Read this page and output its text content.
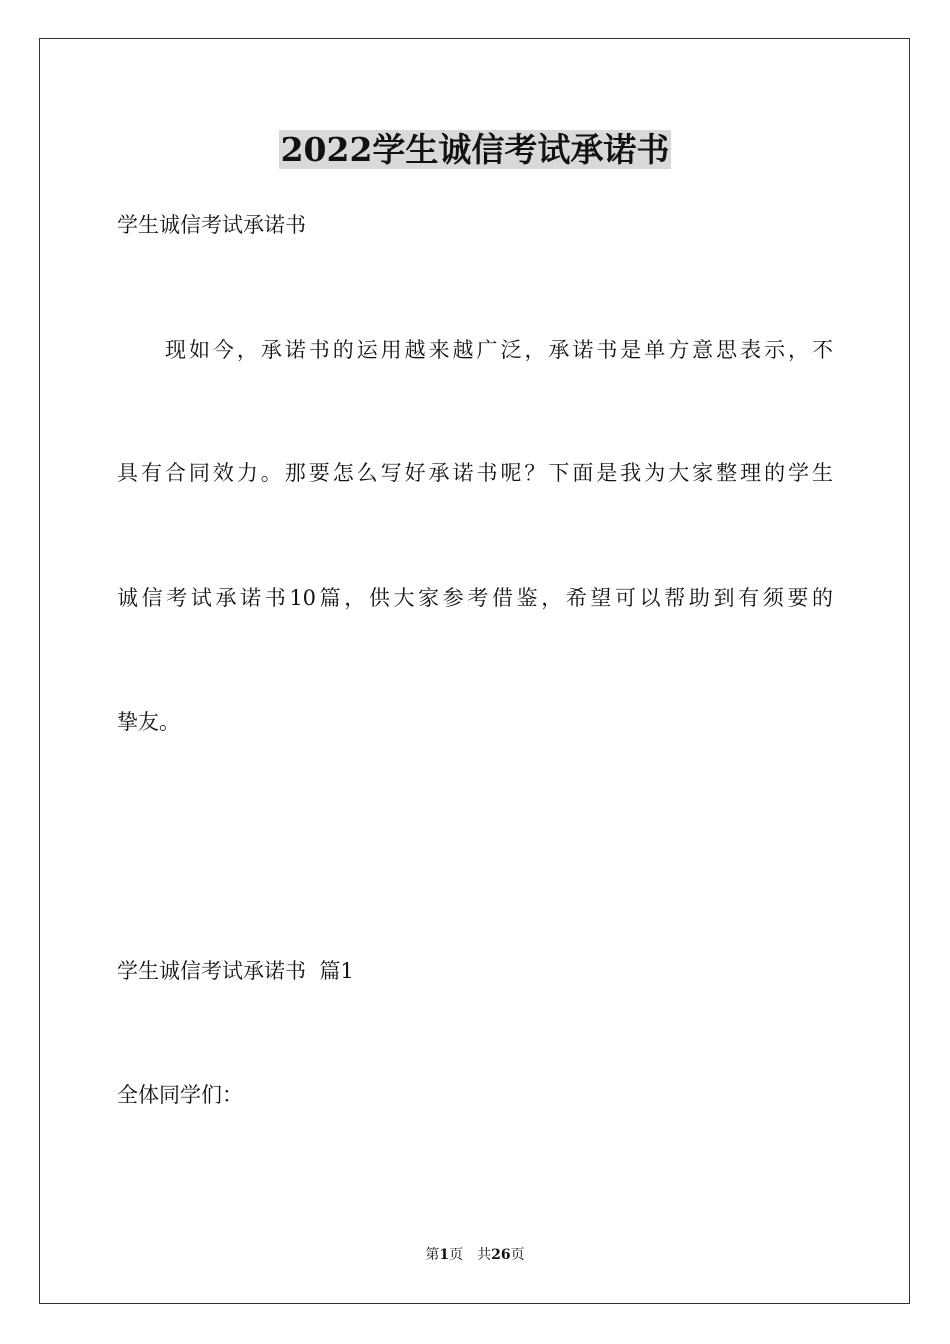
2022学生诚信考试承诺书

学生诚信考试承诺书

现如今，承诺书的运用越来越广泛，承诺书是单方意思表示，不

具有合同效力。那要怎么写好承诺书呢？下面是我为大家整理的学生

诚信考试承诺书10篇，供大家参考借鉴，希望可以帮助到有须要的

挚友。

学生诚信考试承诺书  篇1

全体同学们：

第1页 共26页
